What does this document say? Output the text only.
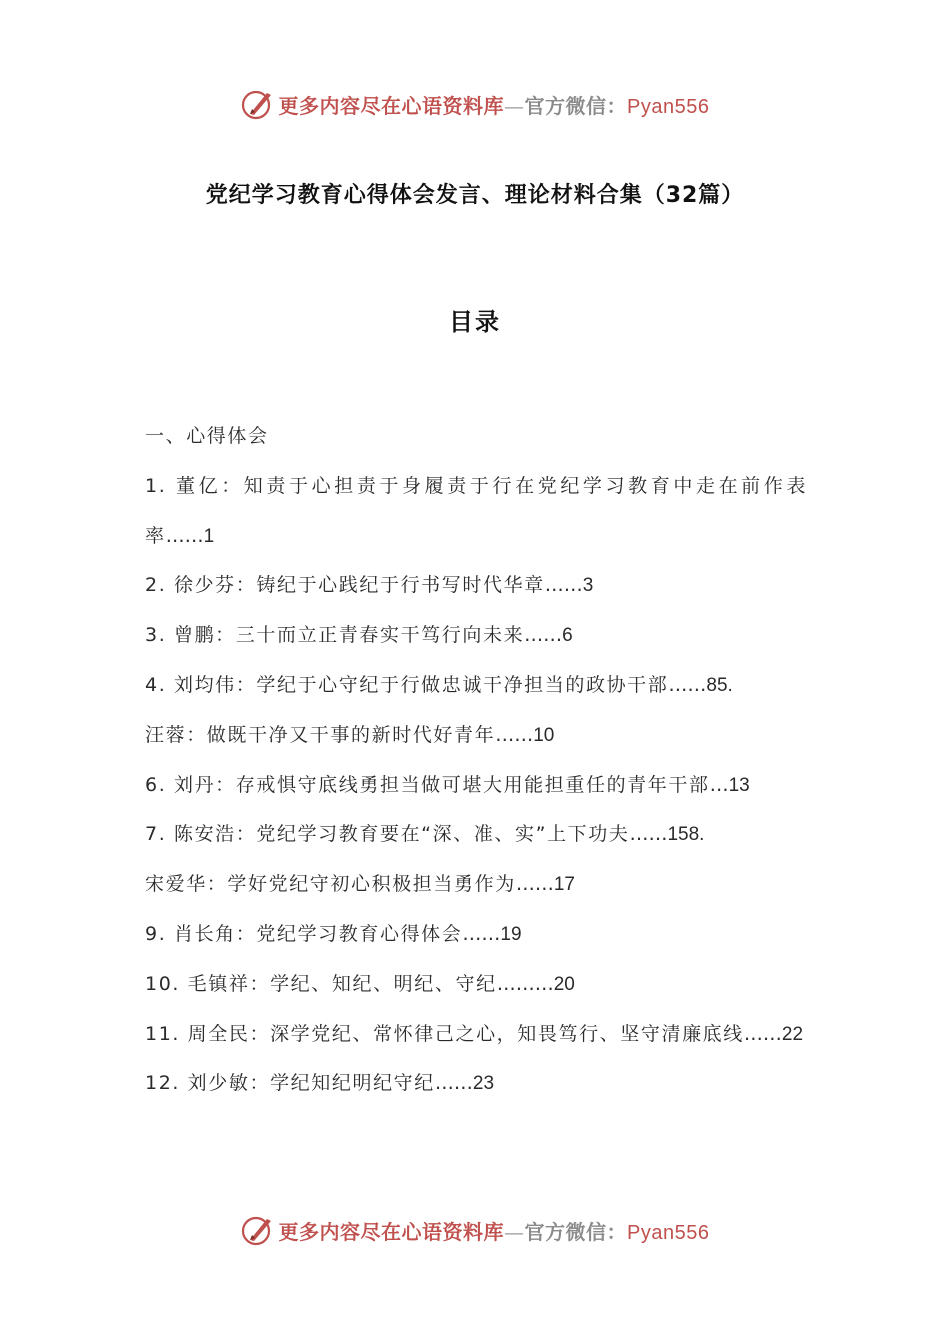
更多内容尽在心语资料库—官方微信：Pyan556
党纪学习教育心得体会发言、理论材料合集（32篇）
目录

一、心得体会

1. 董亿：知责于心担责于身履责于行在党纪学习教育中走在前作表率……1

2. 徐少芬：铸纪于心践纪于行书写时代华章……3

3. 曾鹏：三十而立正青春实干笃行向未来……6

4. 刘均伟：学纪于心守纪于行做忠诚干净担当的政协干部……85.

汪蓉：做既干净又干事的新时代好青年……10

6. 刘丹：存戒惧守底线勇担当做可堪大用能担重任的青年干部…13

7. 陈安浩：党纪学习教育要在“深、准、实”上下功夫……158.

宋爱华：学好党纪守初心积极担当勇作为……17

9. 肖长角：党纪学习教育心得体会……19

10. 毛镇祥：学纪、知纪、明纪、守纪………20

11. 周全民：深学党纪、常怀律己之心，知畏笃行、坚守清廉底线……22

12. 刘少敏：学纪知纪明纪守纪……23

更多内容尽在心语资料库—官方微信：Pyan556
